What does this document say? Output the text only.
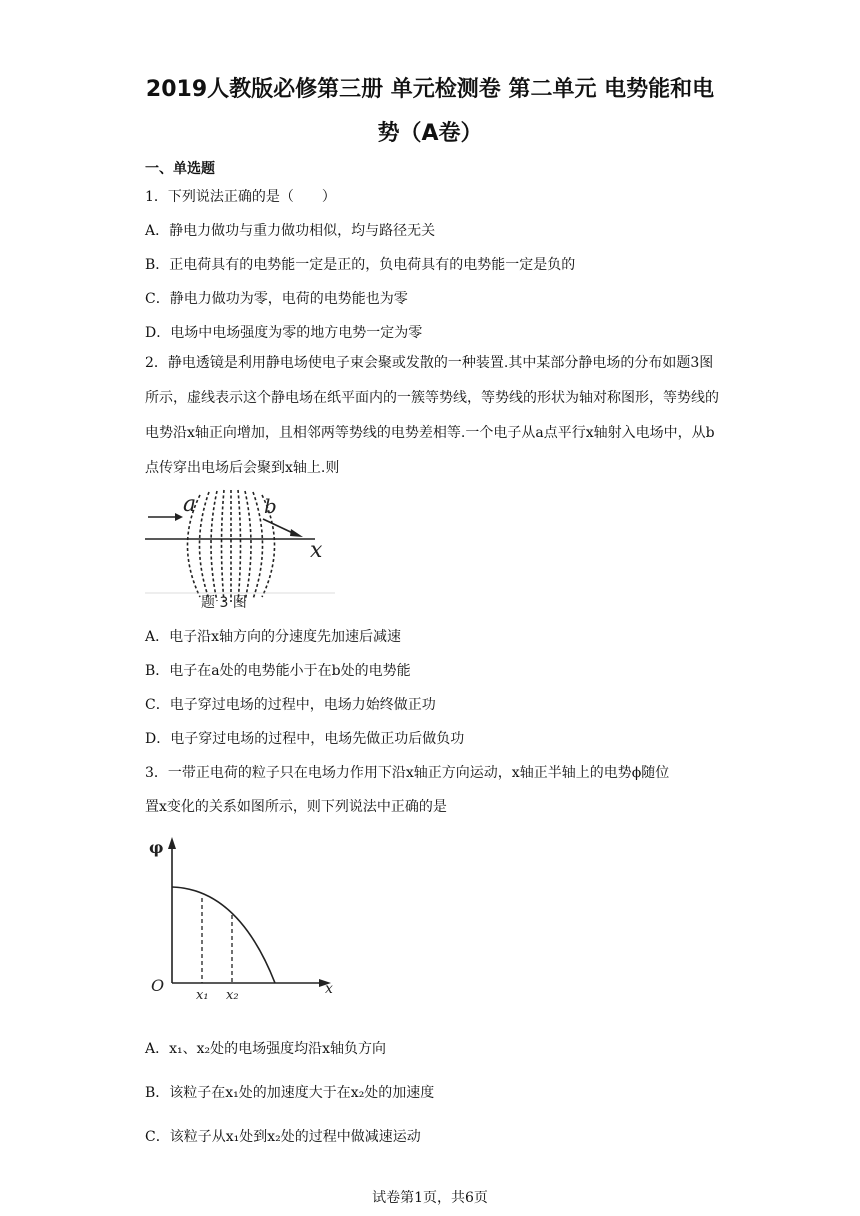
2019人教版必修第三册 单元检测卷 第二单元 电势能和电
势（A卷）
一、单选题
1．下列说法正确的是（　　）
A．静电力做功与重力做功相似，均与路径无关
B．正电荷具有的电势能一定是正的，负电荷具有的电势能一定是负的
C．静电力做功为零，电荷的电势能也为零
D．电场中电场强度为零的地方电势一定为零
2．静电透镜是利用静电场使电子束会聚或发散的一种装置.其中某部分静电场的分布如题3图所示，虚线表示这个静电场在纸平面内的一簇等势线，等势线的形状为轴对称图形，等势线的电势沿x轴正向增加，且相邻两等势线的电势差相等.一个电子从a点平行x轴射入电场中，从b点传穿出电场后会聚到x轴上.则
a	b
x
题 3 图
A．电子沿x轴方向的分速度先加速后减速
B．电子在a处的电势能小于在b处的电势能
C．电子穿过电场的过程中，电场力始终做正功
D．电子穿过电场的过程中，电场先做正功后做负功
3．一带正电荷的粒子只在电场力作用下沿x轴正方向运动，x轴正半轴上的电势ϕ随位
置x变化的关系如图所示，则下列说法中正确的是
φ
O	x
x₁ x₂
A．x₁、x₂处的电场强度均沿x轴负方向
B．该粒子在x₁处的加速度大于在x₂处的加速度
C．该粒子从x₁处到x₂处的过程中做减速运动
试卷第1页，共6页
